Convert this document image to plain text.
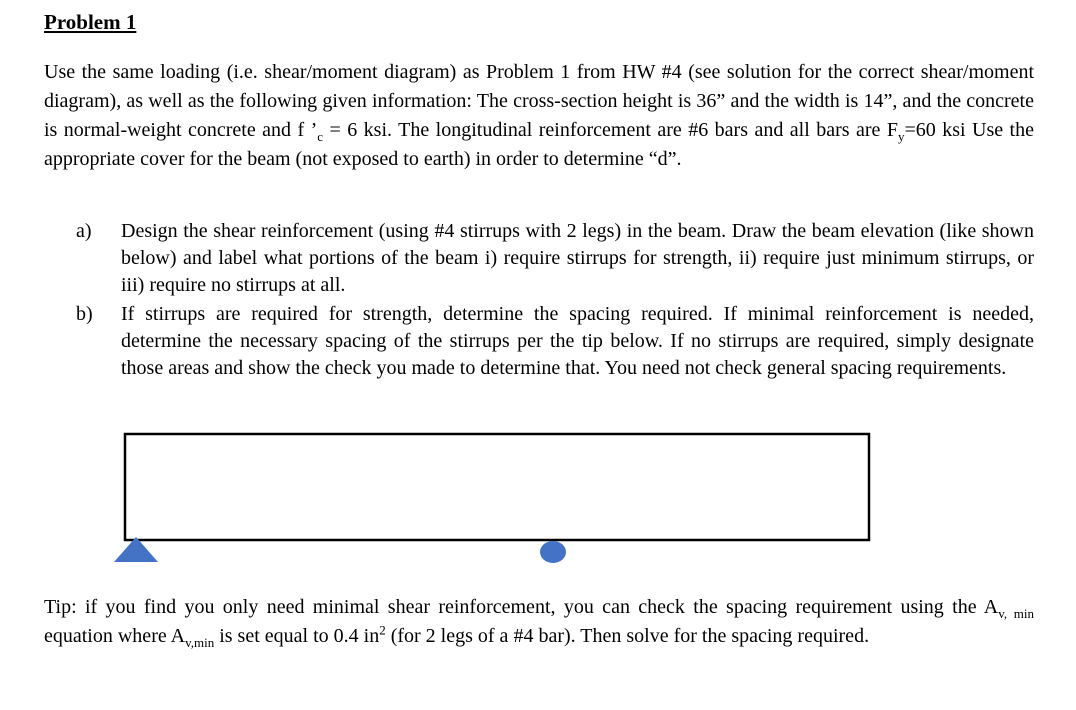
Problem 1

Use the same loading (i.e. shear/moment diagram) as Problem 1 from HW #4 (see solution for the correct shear/moment diagram), as well as the following given information: The cross-section height is 36” and the width is 14”, and the concrete is normal-weight concrete and f $’_c = 6$ ksi. The longitudinal reinforcement are #6 bars and all bars are $F_y=60$ ksi Use the appropriate cover for the beam (not exposed to earth) in order to determine “d”.

a) Design the shear reinforcement (using #4 stirrups with 2 legs) in the beam. Draw the beam elevation (like shown below) and label what portions of the beam i) require stirrups for strength, ii) require just minimum stirrups, or iii) require no stirrups at all.
b) If stirrups are required for strength, determine the spacing required. If minimal reinforcement is needed, determine the necessary spacing of the stirrups per the tip below. If no stirrups are required, simply designate those areas and show the check you made to determine that. You need not check general spacing requirements.

Tip: if you find you only need minimal shear reinforcement, you can check the spacing requirement using the $A_{v, min}$ equation where $A_{v,min}$ is set equal to 0.4 $in^2$ (for 2 legs of a #4 bar). Then solve for the spacing required.
